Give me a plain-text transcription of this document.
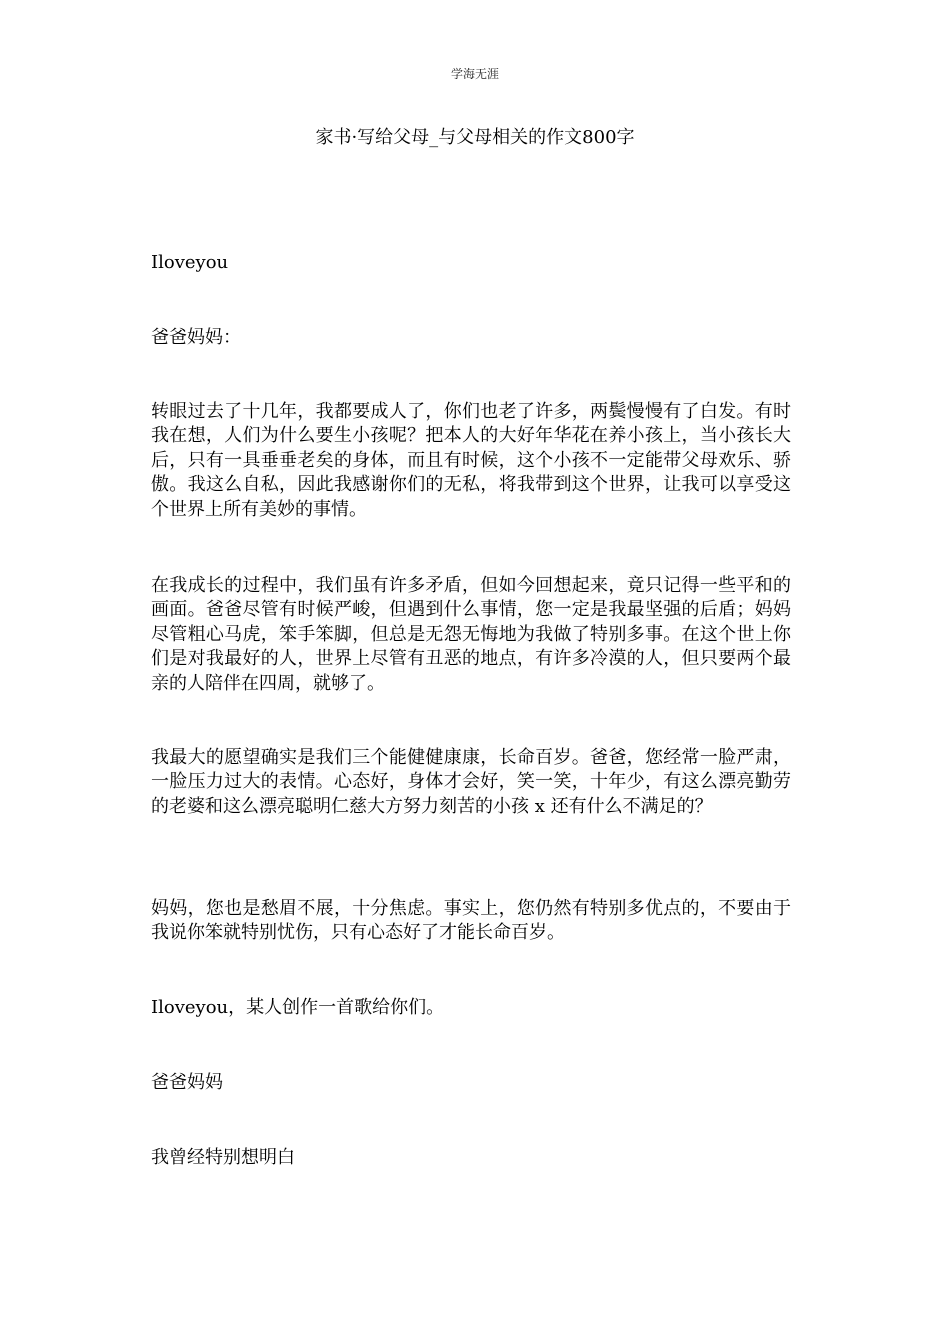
学海无涯
家书·写给父母_与父母相关的作文800字

Iloveyou

爸爸妈妈：

转眼过去了十几年，我都要成人了，你们也老了许多，两鬓慢慢有了白发。有时我在想，人们为什么要生小孩呢？把本人的大好年华花在养小孩上，当小孩长大后，只有一具垂垂老矣的身体，而且有时候，这个小孩不一定能带父母欢乐、骄傲。我这么自私，因此我感谢你们的无私，将我带到这个世界，让我可以享受这个世界上所有美妙的事情。

在我成长的过程中，我们虽有许多矛盾，但如今回想起来，竟只记得一些平和的画面。爸爸尽管有时候严峻，但遇到什么事情，您一定是我最坚强的后盾；妈妈尽管粗心马虎，笨手笨脚，但总是无怨无悔地为我做了特别多事。在这个世上你们是对我最好的人，世界上尽管有丑恶的地点，有许多冷漠的人，但只要两个最亲的人陪伴在四周，就够了。

我最大的愿望确实是我们三个能健健康康，长命百岁。爸爸，您经常一脸严肃，一脸压力过大的表情。心态好，身体才会好，笑一笑，十年少，有这么漂亮勤劳的老婆和这么漂亮聪明仁慈大方努力刻苦的小孩 x 还有什么不满足的？

妈妈，您也是愁眉不展，十分焦虑。事实上，您仍然有特别多优点的，不要由于我说你笨就特别忧伤，只有心态好了才能长命百岁。

Iloveyou，某人创作一首歌给你们。

爸爸妈妈

我曾经特别想明白
